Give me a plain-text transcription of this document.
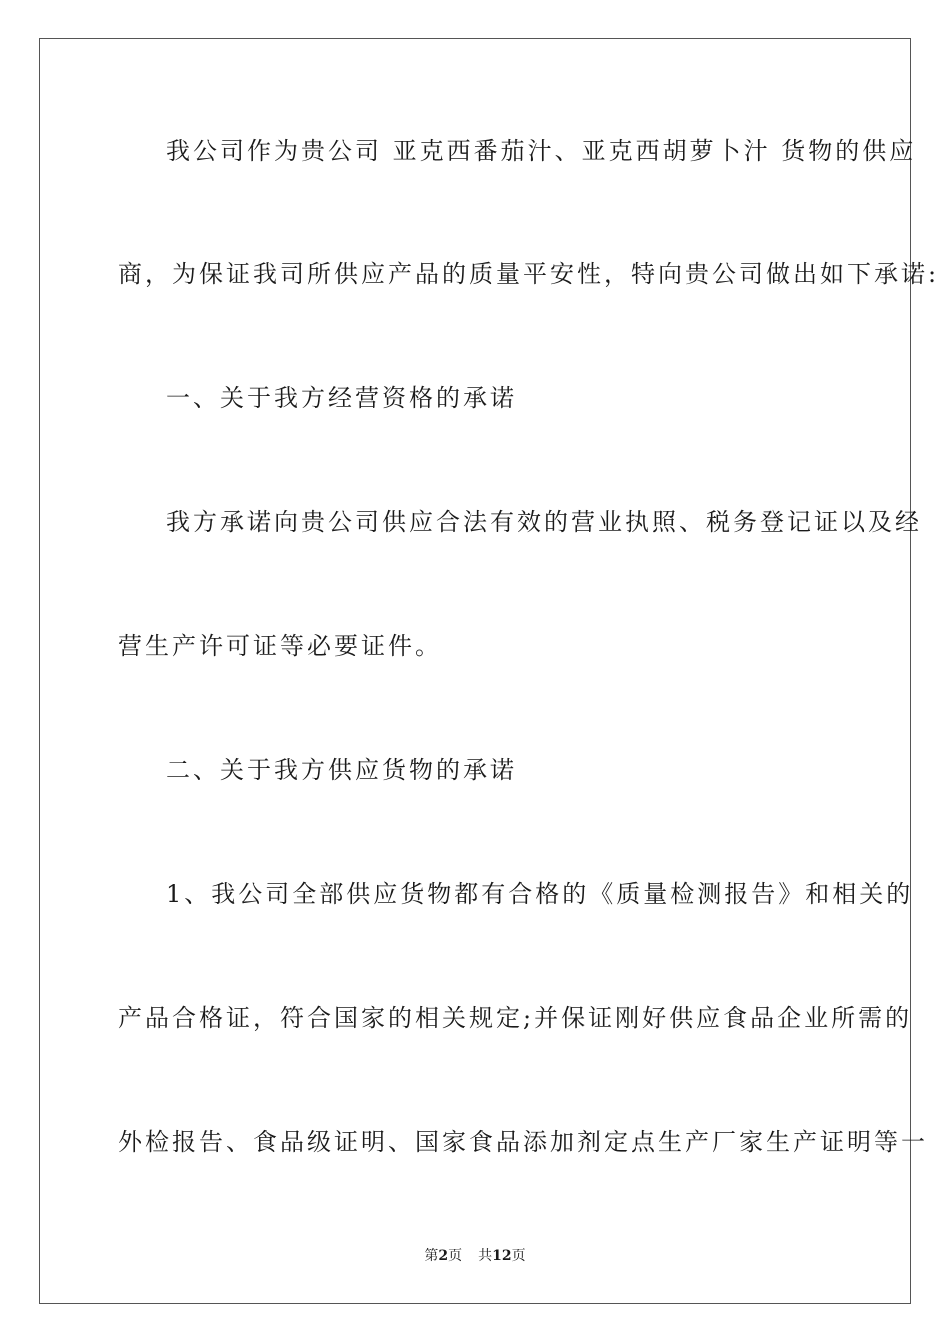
我公司作为贵公司 亚克西番茄汁、亚克西胡萝卜汁 货物的供应
商，为保证我司所供应产品的质量平安性，特向贵公司做出如下承诺:
一、关于我方经营资格的承诺
我方承诺向贵公司供应合法有效的营业执照、税务登记证以及经
营生产许可证等必要证件。
二、关于我方供应货物的承诺
1、我公司全部供应货物都有合格的《质量检测报告》和相关的
产品合格证，符合国家的相关规定;并保证刚好供应食品企业所需的
外检报告、食品级证明、国家食品添加剂定点生产厂家生产证明等一
第2页 共12页
